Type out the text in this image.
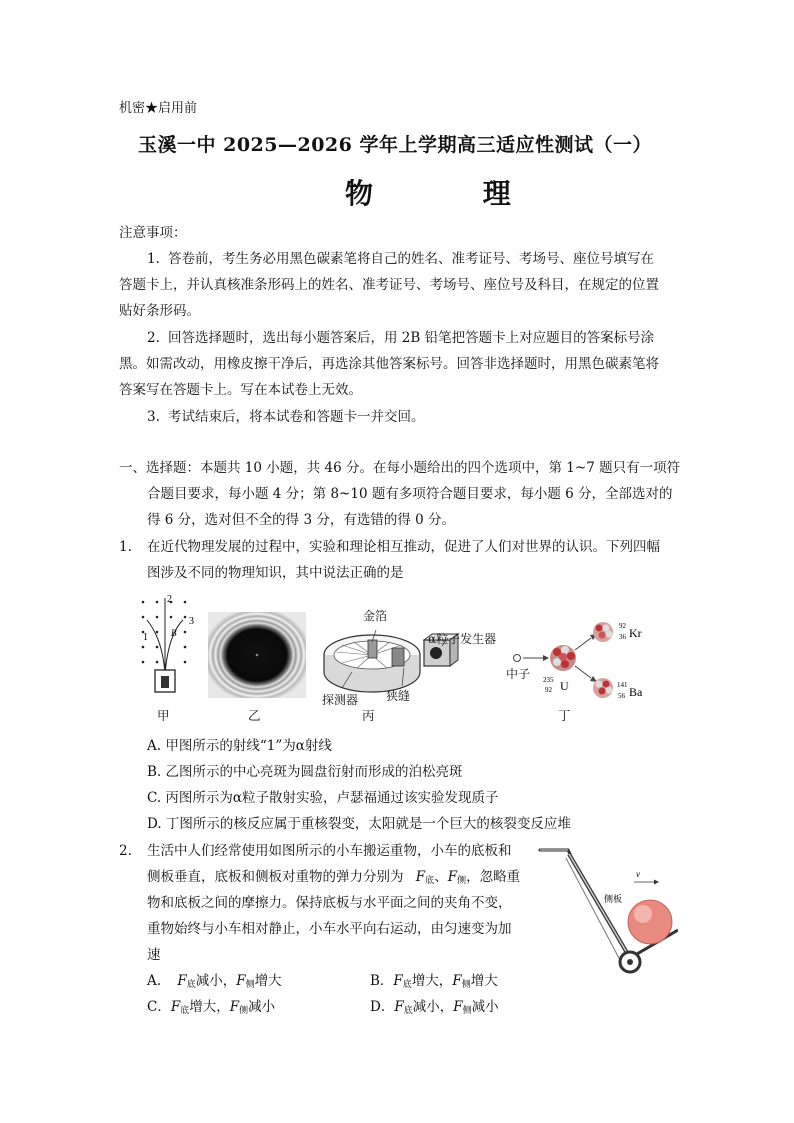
机密★启用前
玉溪一中 2025—2026 学年上学期高三适应性测试（一）
物 理
注意事项：
1. 答卷前，考生务必用黑色碳素笔将自己的姓名、准考证号、考场号、座位号填写在
答题卡上，并认真核准条形码上的姓名、准考证号、考场号、座位号及科目，在规定的位置
贴好条形码。
2. 回答选择题时，选出每小题答案后，用 2B 铅笔把答题卡上对应题目的答案标号涂
黑。如需改动，用橡皮擦干净后，再选涂其他答案标号。回答非选择题时，用黑色碳素笔将
答案写在答题卡上。写在本试卷上无效。
3. 考试结束后，将本试卷和答题卡一并交回。
一、选择题：本题共 10 小题，共 46 分。在每小题给出的四个选项中，第 1~7 题只有一项符
合题目要求，每小题 4 分；第 8~10 题有多项符合题目要求，每小题 6 分，全部选对的
得 6 分，选对但不全的得 3 分，有选错的得 0 分。
1. 在近代物理发展的过程中，实验和理论相互推动，促进了人们对世界的认识。下列四幅
图涉及不同的物理知识，其中说法正确的是
1
2
3
B
甲	乙
金箔
α粒子发生器
探测器 狭缝
丙
92
36 Kr
141
56 Ba
235
92 U
中子
丁
A. 甲图所示的射线“1”为α射线
B. 乙图所示的中心亮斑为圆盘衍射而形成的泊松亮斑
C. 丙图所示为α粒子散射实验，卢瑟福通过该实验发现质子
D. 丁图所示的核反应属于重核裂变，太阳就是一个巨大的核裂变反应堆
2. 生活中人们经常使用如图所示的小车搬运重物，小车的底板和
侧板垂直，底板和侧板对重物的弹力分别为 $F_底$、$F_侧$，忽略重
物和底板之间的摩擦力。保持底板与水平面之间的夹角不变，
重物始终与小车相对静止，小车水平向右运动，由匀速变为加
速
v
侧板
A. $F_底$减小，$F_侧$增大	B．$F_底$增大，$F_侧$增大
C．$F_底$增大，$F_侧$减小	D．$F_底$减小，$F_侧$减小
